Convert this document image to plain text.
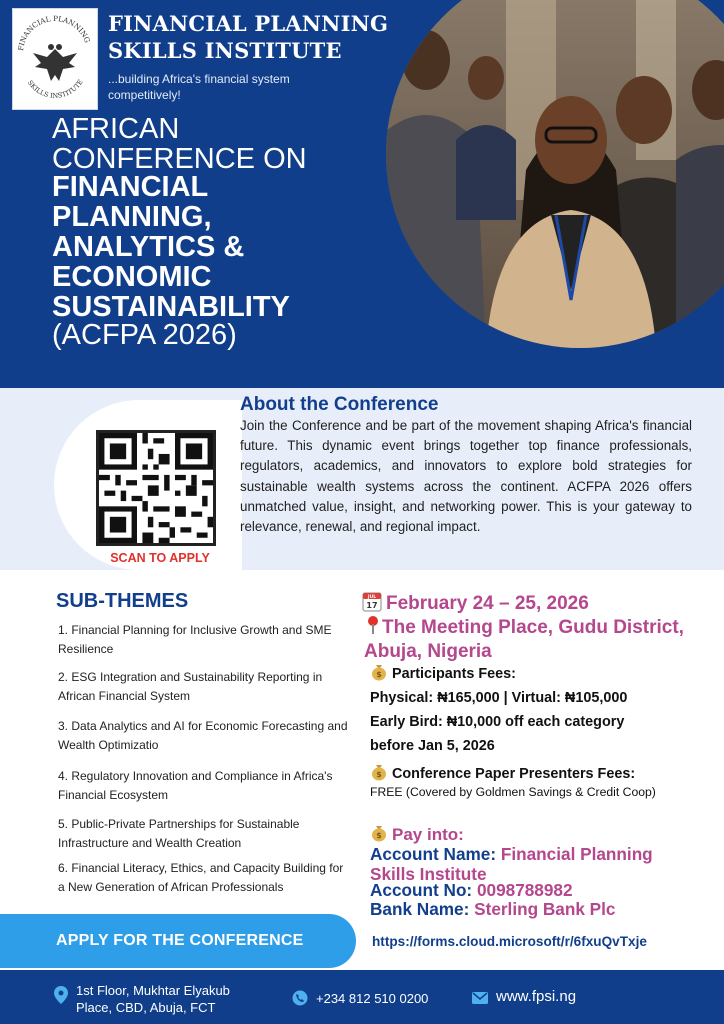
FINANCIAL PLANNING
SKILLS INSTITUTE
FINANCIAL PLANNING
SKILLS INSTITUTE
...building Africa's financial system competitively!
AFRICAN
CONFERENCE ON
FINANCIAL
PLANNING,
ANALYTICS &
ECONOMIC
SUSTAINABILITY
(ACFPA 2026)
SCAN TO APPLY
About the Conference
Join the Conference and be part of the movement shaping Africa's financial future. This dynamic event brings together top finance professionals, regulators, academics, and innovators to explore bold strategies for sustainable wealth systems across the continent. ACFPA 2026 offers unmatched value, insight, and networking power. This is your gateway to relevance, renewal, and regional impact.
SUB-THEMES
1. Financial Planning for Inclusive Growth and SME Resilience
2. ESG Integration and Sustainability Reporting in African Financial System
3. Data Analytics and AI for Economic Forecasting and Wealth Optimizatio
4. Regulatory Innovation and Compliance in Africa's Financial Ecosystem
5. Public-Private Partnerships for Sustainable Infrastructure and Wealth Creation
6. Financial Literacy, Ethics, and Capacity Building for a New Generation of African Professionals
JUL
17 February 24 – 25, 2026
The Meeting Place, Gudu District, Abuja, Nigeria
$ Participants Fees:
Physical: ₦165,000 | Virtual: ₦105,000
Early Bird: ₦10,000 off each category
before Jan 5, 2026
$ Conference Paper Presenters Fees:
FREE (Covered by Goldmen Savings & Credit Coop)
$ Pay into:
Account Name: Financial Planning Skills Institute
Account No: 0098788982
Bank Name: Sterling Bank Plc
APPLY FOR THE CONFERENCE	https://forms.cloud.microsoft/r/6fxuQvTxje
1st Floor, Mukhtar Elyakub Place, CBD, Abuja, FCT
+234 812 510 0200	www.fpsi.ng
